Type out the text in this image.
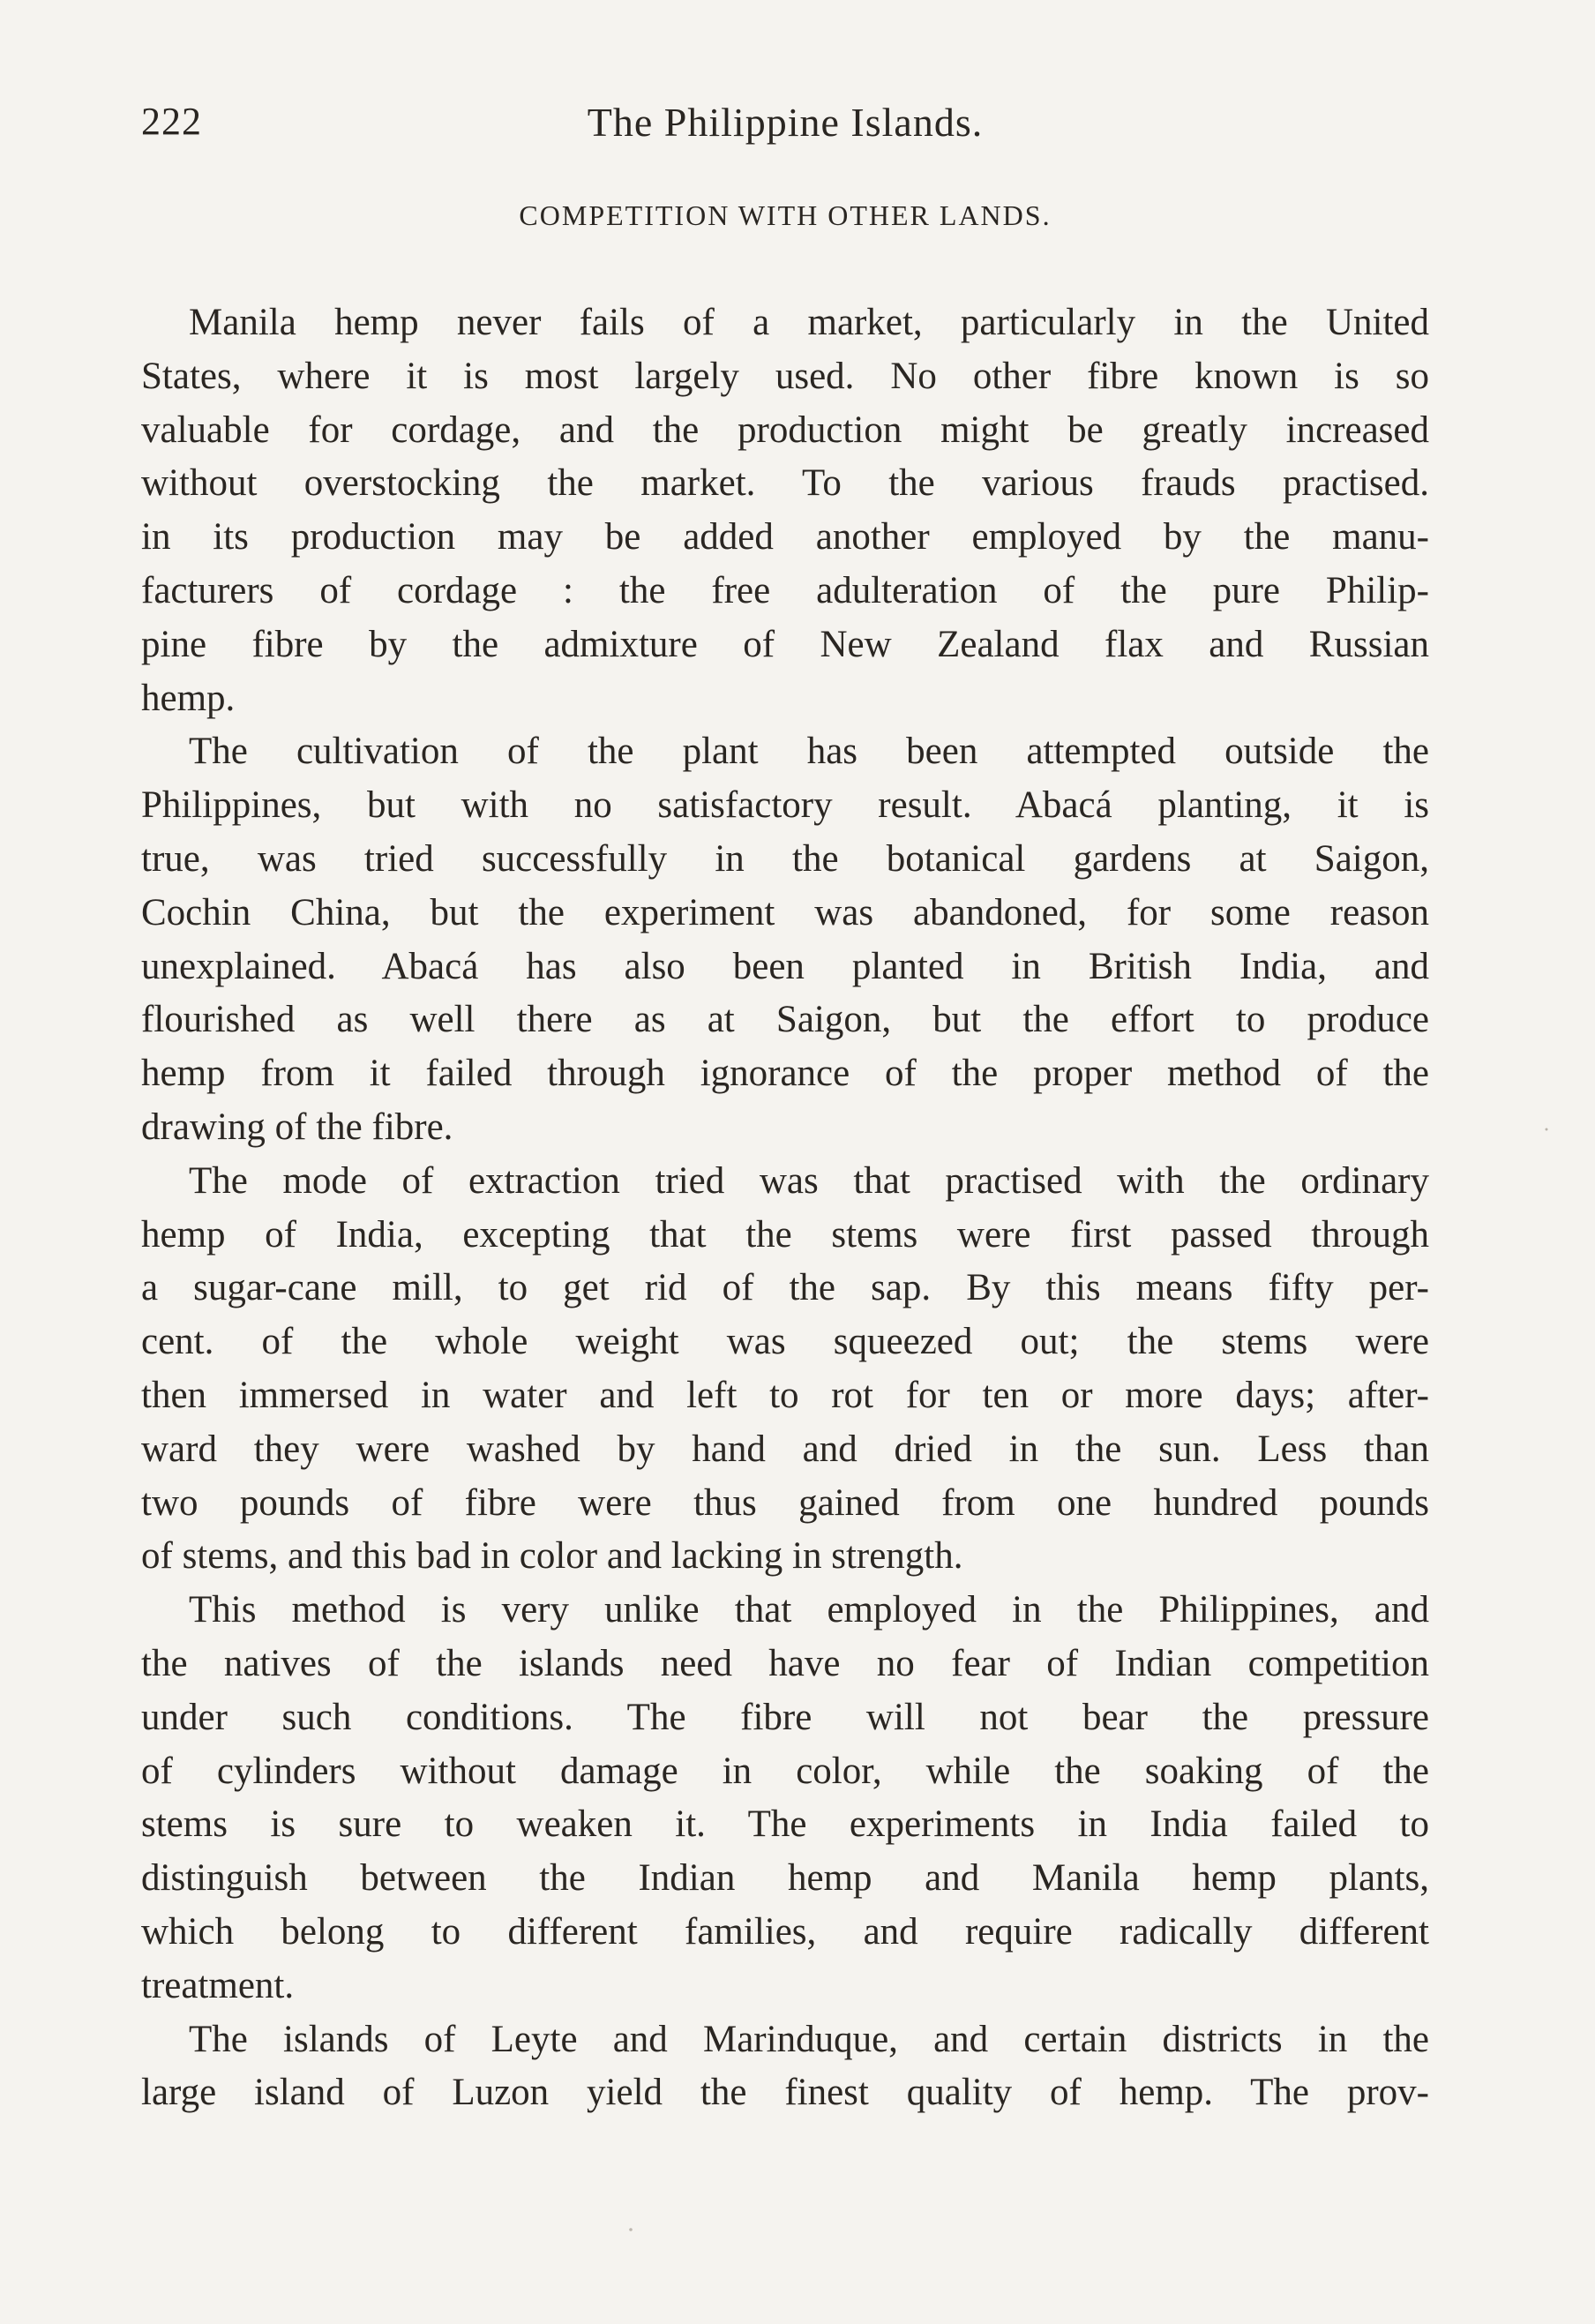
222	The Philippine Islands.
COMPETITION WITH OTHER LANDS.
Manila hemp never fails of a market, particularly in the United
States, where it is most largely used. No other fibre known is so
valuable for cordage, and the production might be greatly increased
without overstocking the market. To the various frauds practised.
in its production may be added another employed by the manu-
facturers of cordage : the free adulteration of the pure Philip-
pine fibre by the admixture of New Zealand flax and Russian
hemp.
The cultivation of the plant has been attempted outside the
Philippines, but with no satisfactory result. Abacá planting, it is
true, was tried successfully in the botanical gardens at Saigon,
Cochin China, but the experiment was abandoned, for some reason
unexplained. Abacá has also been planted in British India, and
flourished as well there as at Saigon, but the effort to produce
hemp from it failed through ignorance of the proper method of the
drawing of the fibre.
The mode of extraction tried was that practised with the ordinary
hemp of India, excepting that the stems were first passed through
a sugar-cane mill, to get rid of the sap. By this means fifty per-
cent. of the whole weight was squeezed out; the stems were
then immersed in water and left to rot for ten or more days; after-
ward they were washed by hand and dried in the sun. Less than
two pounds of fibre were thus gained from one hundred pounds
of stems, and this bad in color and lacking in strength.
This method is very unlike that employed in the Philippines, and
the natives of the islands need have no fear of Indian competition
under such conditions. The fibre will not bear the pressure
of cylinders without damage in color, while the soaking of the
stems is sure to weaken it. The experiments in India failed to
distinguish between the Indian hemp and Manila hemp plants,
which belong to different families, and require radically different
treatment.
The islands of Leyte and Marinduque, and certain districts in the
large island of Luzon yield the finest quality of hemp. The prov-
